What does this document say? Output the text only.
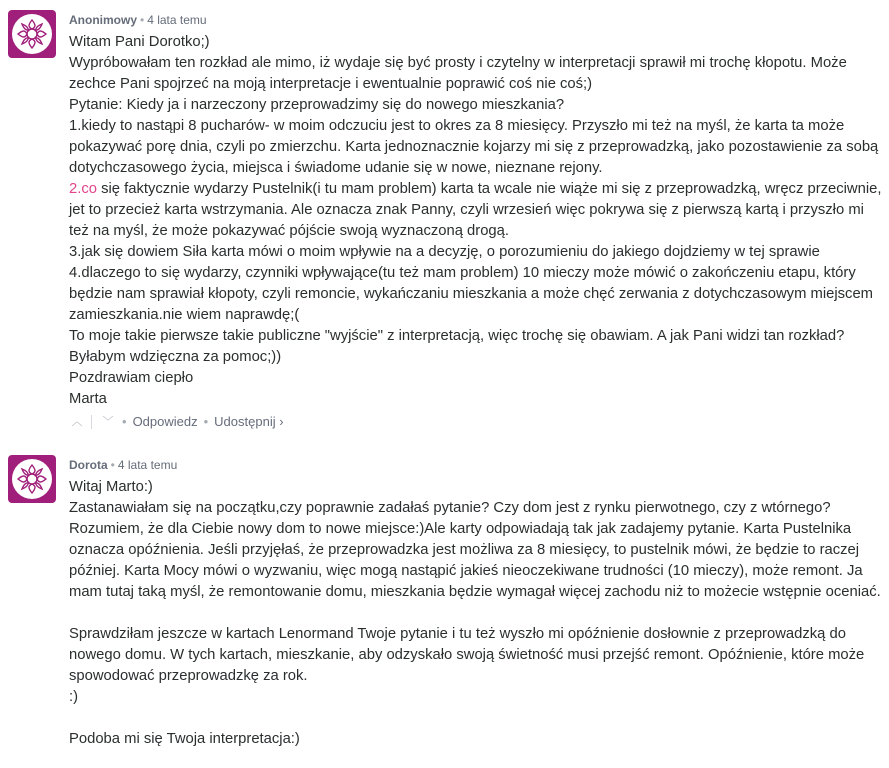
Anonimowy • 4 lata temu

Witam Pani Dorotko;)

Wypróbowałam ten rozkład ale mimo, iż wydaje się być prosty i czytelny w interpretacji sprawił mi trochę kłopotu. Może zechce Pani spojrzeć na moją interpretacje i ewentualnie poprawić coś nie coś;)

Pytanie: Kiedy ja i narzeczony przeprowadzimy się do nowego mieszkania?

1.kiedy to nastąpi 8 pucharów- w moim odczuciu jest to okres za 8 miesięcy. Przyszło mi też na myśl, że karta ta może pokazywać porę dnia, czyli po zmierzchu. Karta jednoznacznie kojarzy mi się z przeprowadzką, jako pozostawienie za sobą dotychczasowego życia, miejsca i świadome udanie się w nowe, nieznane rejony.

2.co się faktycznie wydarzy Pustelnik(i tu mam problem) karta ta wcale nie wiąże mi się z przeprowadzką, wręcz przeciwnie, jet to przecież karta wstrzymania. Ale oznacza znak Panny, czyli wrzesień więc pokrywa się z pierwszą kartą i przyszło mi też na myśl, że może pokazywać pójście swoją wyznaczoną drogą.

3.jak się dowiem Siła karta mówi o moim wpływie na a decyzję, o porozumieniu do jakiego dojdziemy w tej sprawie

4.dlaczego to się wydarzy, czynniki wpływające(tu też mam problem) 10 mieczy może mówić o zakończeniu etapu, który będzie nam sprawiał kłopoty, czyli remoncie, wykańczaniu mieszkania a może chęć zerwania z dotychczasowym miejscem zamieszkania.nie wiem naprawdę;(

To moje takie pierwsze takie publiczne "wyjście" z interpretacją, więc trochę się obawiam. A jak Pani widzi tan rozkład? Byłabym wdzięczna za pomoc;))

Pozdrawiam ciepło

Marta

︿ ﹀ • Odpowiedz • Udostępnij ›
Dorota • 4 lata temu

Witaj Marto:)

Zastanawiałam się na początku,czy poprawnie zadałaś pytanie? Czy dom jest z rynku pierwotnego, czy z wtórnego? Rozumiem, że dla Ciebie nowy dom to nowe miejsce:)Ale karty odpowiadają tak jak zadajemy pytanie. Karta Pustelnika oznacza opóźnienia. Jeśli przyjęłaś, że przeprowadzka jest możliwa za 8 miesięcy, to pustelnik mówi, że będzie to raczej później. Karta Mocy mówi o wyzwaniu, więc mogą nastąpić jakieś nieoczekiwane trudności (10 mieczy), może remont. Ja mam tutaj taką myśl, że remontowanie domu, mieszkania będzie wymagał więcej zachodu niż to możecie wstępnie oceniać.

Sprawdziłam jeszcze w kartach Lenormand Twoje pytanie i tu też wyszło mi opóźnienie dosłownie z przeprowadzką do nowego domu. W tych kartach, mieszkanie, aby odzyskało swoją świetność musi przejść remont. Opóźnienie, które może spowodować przeprowadzkę za rok.

:)

Podoba mi się Twoja interpretacja:)
